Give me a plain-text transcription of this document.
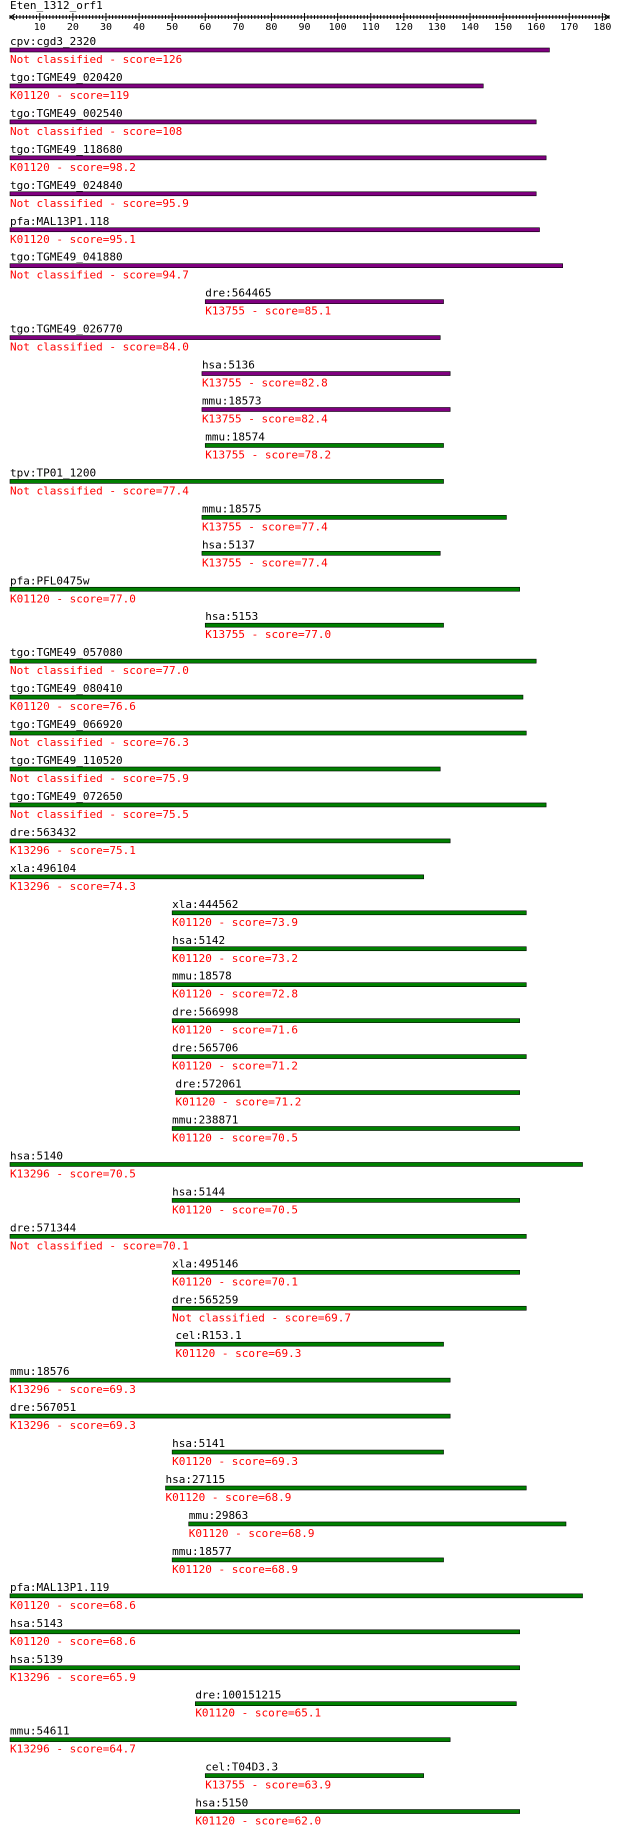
Eten_1312_orf1
10 20 30 40 50 60 70 80 90 100 110 120 130 140 150 160 170 180
cpv:cgd3_2320
Not classified - score=126
tgo:TGME49_020420
K01120 - score=119
tgo:TGME49_002540
Not classified - score=108
tgo:TGME49_118680
K01120 - score=98.2
tgo:TGME49_024840
Not classified - score=95.9
pfa:MAL13P1.118
K01120 - score=95.1
tgo:TGME49_041880
Not classified - score=94.7
dre:564465
K13755 - score=85.1
tgo:TGME49_026770
Not classified - score=84.0
hsa:5136
K13755 - score=82.8
mmu:18573
K13755 - score=82.4
mmu:18574
K13755 - score=78.2
tpv:TP01_1200
Not classified - score=77.4
mmu:18575
K13755 - score=77.4
hsa:5137
K13755 - score=77.4
pfa:PFL0475w
K01120 - score=77.0
hsa:5153
K13755 - score=77.0
tgo:TGME49_057080
Not classified - score=77.0
tgo:TGME49_080410
K01120 - score=76.6
tgo:TGME49_066920
Not classified - score=76.3
tgo:TGME49_110520
Not classified - score=75.9
tgo:TGME49_072650
Not classified - score=75.5
dre:563432
K13296 - score=75.1
xla:496104
K13296 - score=74.3
xla:444562
K01120 - score=73.9
hsa:5142
K01120 - score=73.2
mmu:18578
K01120 - score=72.8
dre:566998
K01120 - score=71.6
dre:565706
K01120 - score=71.2
dre:572061
K01120 - score=71.2
mmu:238871
K01120 - score=70.5
hsa:5140
K13296 - score=70.5
hsa:5144
K01120 - score=70.5
dre:571344
Not classified - score=70.1
xla:495146
K01120 - score=70.1
dre:565259
Not classified - score=69.7
cel:R153.1
K01120 - score=69.3
mmu:18576
K13296 - score=69.3
dre:567051
K13296 - score=69.3
hsa:5141
K01120 - score=69.3
hsa:27115
K01120 - score=68.9
mmu:29863
K01120 - score=68.9
mmu:18577
K01120 - score=68.9
pfa:MAL13P1.119
K01120 - score=68.6
hsa:5143
K01120 - score=68.6
hsa:5139
K13296 - score=65.9
dre:100151215
K01120 - score=65.1
mmu:54611
K13296 - score=64.7
cel:T04D3.3
K13755 - score=63.9
hsa:5150
K01120 - score=62.0
